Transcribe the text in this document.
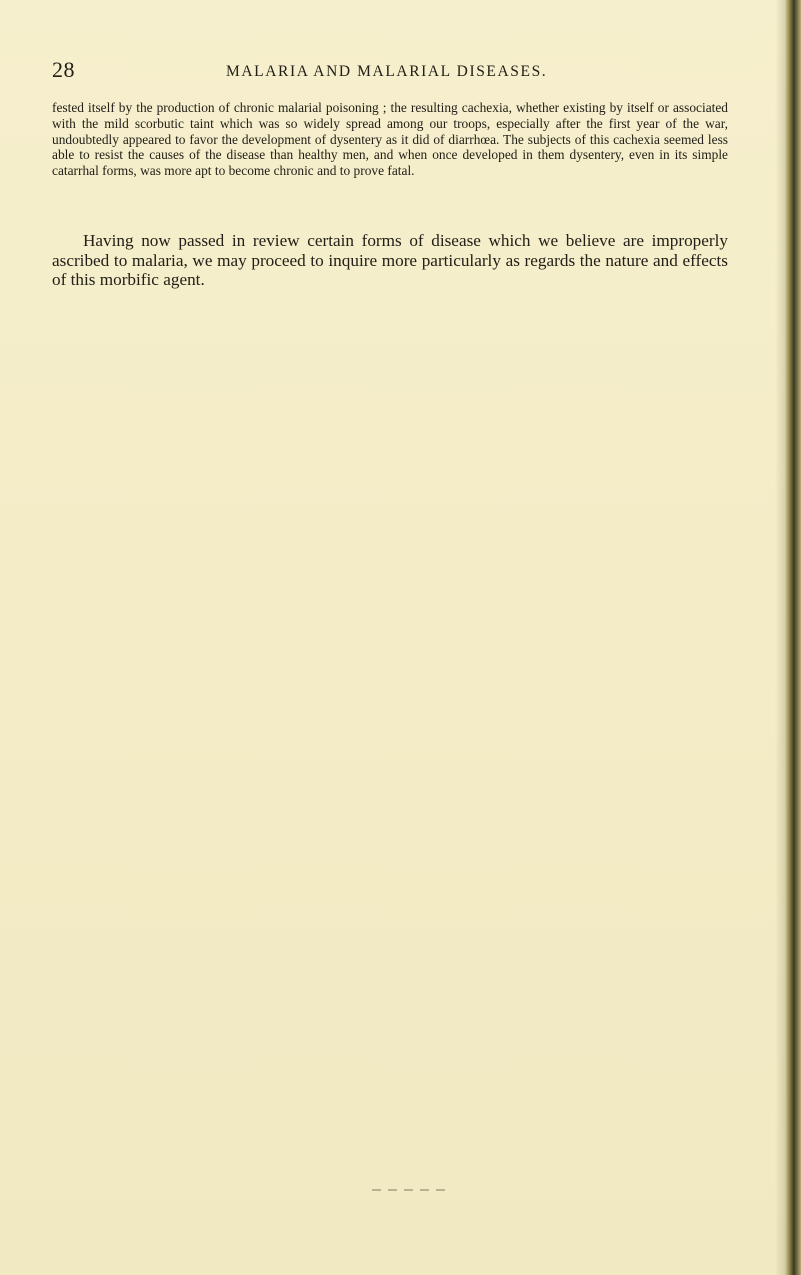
28	MALARIA AND MALARIAL DISEASES.

fested itself by the production of chronic malarial poisoning ; the resulting cachexia, whether existing by itself or associated with the mild scorbutic taint which was so widely spread among our troops, especially after the first year of the war, undoubtedly appeared to favor the development of dysentery as it did of diarrhœa. The subjects of this cachexia seemed less able to resist the causes of the disease than healthy men, and when once developed in them dysentery, even in its simple catarrhal forms, was more apt to become chronic and to prove fatal.

Having now passed in review certain forms of disease which we believe are improperly ascribed to malaria, we may proceed to inquire more particularly as regards the nature and effects of this morbific agent.
